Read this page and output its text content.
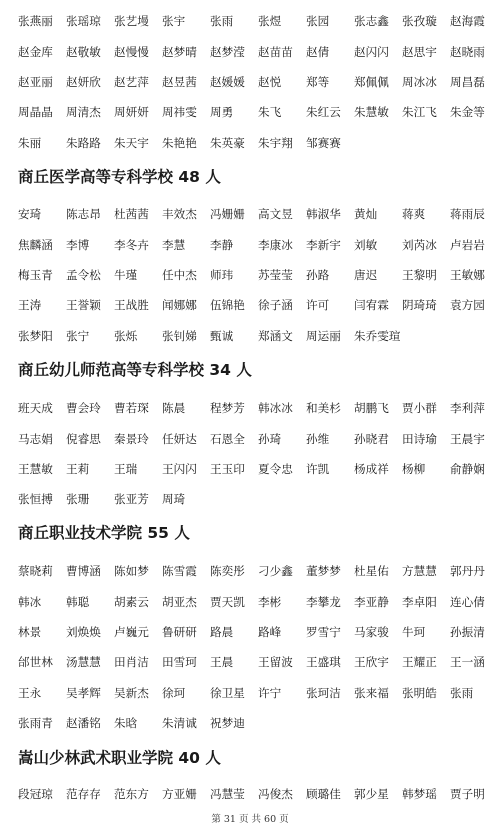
张燕丽	张瑶琼	张艺墁	张宇	张雨	张煜	张园	张志鑫	张孜璇	赵海霞
赵金库	赵敬敏	赵慢慢	赵梦晴	赵梦滢	赵苗苗	赵倩	赵闪闪	赵思宇	赵晓雨
赵亚丽	赵妍欣	赵艺萍	赵昱茜	赵媛媛	赵悦	郑等	郑佩佩	周冰冰	周昌磊
周晶晶	周清杰	周妍妍	周祎雯	周勇	朱飞	朱红云	朱慧敏	朱江飞	朱金等
朱丽	朱路路	朱天宇	朱艳艳	朱英豪	朱宇翔	邹赛赛
商丘医学高等专科学校 48 人
安琦	陈志昂	杜茜茜	丰效杰	冯姗姗	高文昱	韩淑华	黄灿	蒋爽	蒋雨辰
焦麟涵	李博	李冬卉	李慧	李静	李康冰	李新宇	刘敏	刘芮冰	卢岩岩
梅玉青	孟令松	牛瑾	任中杰	师玮	苏莹莹	孙路	唐迟	王黎明	王敏娜
王涛	王誉颖	王战胜	闻娜娜	伍锦艳	徐子涵	许可	闫宥霖	阴琦琦	袁方园
张梦阳	张宁	张烁	张钊娣	甄诚	郑涵文	周运丽	朱乔雯瑄
商丘幼儿师范高等专科学校 34 人
班天成	曹会玲	曹若琛	陈晨	程梦芳	韩冰冰	和美杉	胡鹏飞	贾小群	李利萍
马志娟	倪睿思	秦景玲	任妍达	石恩全	孙琦	孙维	孙晓君	田诗瑜	王晨宇
王慧敏	王莉	王瑞	王闪闪	王玉印	夏令忠	许凯	杨成祥	杨柳	俞静娴
张恒搏	张珊	张亚芳	周琦
商丘职业技术学院 55 人
蔡晓莉	曹博涵	陈如梦	陈雪霞	陈奕彤	刁少鑫	董梦梦	杜星佑	方慧慧	郭丹丹
韩冰	韩聪	胡素云	胡亚杰	贾天凯	李彬	李攀龙	李亚静	李卓阳	连心倩
林景	刘焕焕	卢巍元	鲁研研	路晨	路峰	罗雪宁	马家骏	牛珂	孙振清
邰世林	汤慧慧	田肖洁	田雪珂	王晨	王留波	王盛琪	王欣宇	王耀正	王一涵
王永	吴孝辉	吴新杰	徐珂	徐卫星	许宁	张珂洁	张来福	张明皓	张雨
张雨青	赵潘铭	朱晗	朱清诚	祝梦迪
嵩山少林武术职业学院 40 人
段冠琼	范存存	范东方	方亚姗	冯慧莹	冯俊杰	顾璐佳	郭少星	韩梦瑶	贾子明
第 31 页 共 60 页
